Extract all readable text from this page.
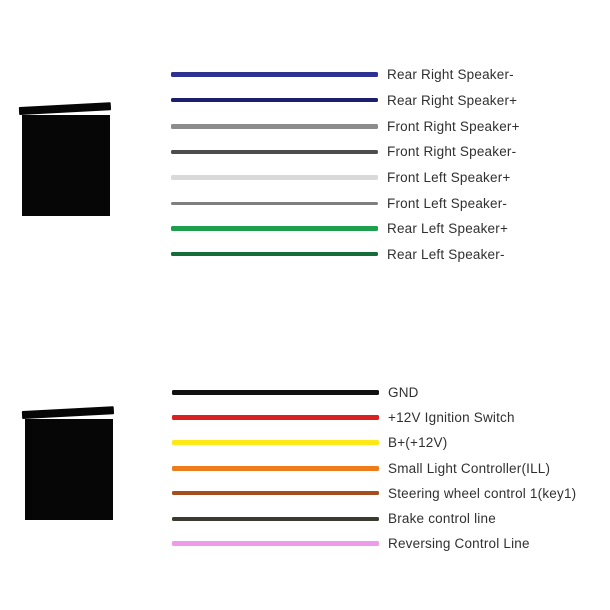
Rear Right Speaker-
Rear Right Speaker+
Front Right Speaker+
Front Right Speaker-
Front Left Speaker+
Front Left Speaker-
Rear Left Speaker+
Rear Left Speaker-
GND
+12V Ignition Switch
B+(+12V)
Small Light Controller(ILL)
Steering wheel control 1(key1)
Brake control line
Reversing Control Line
